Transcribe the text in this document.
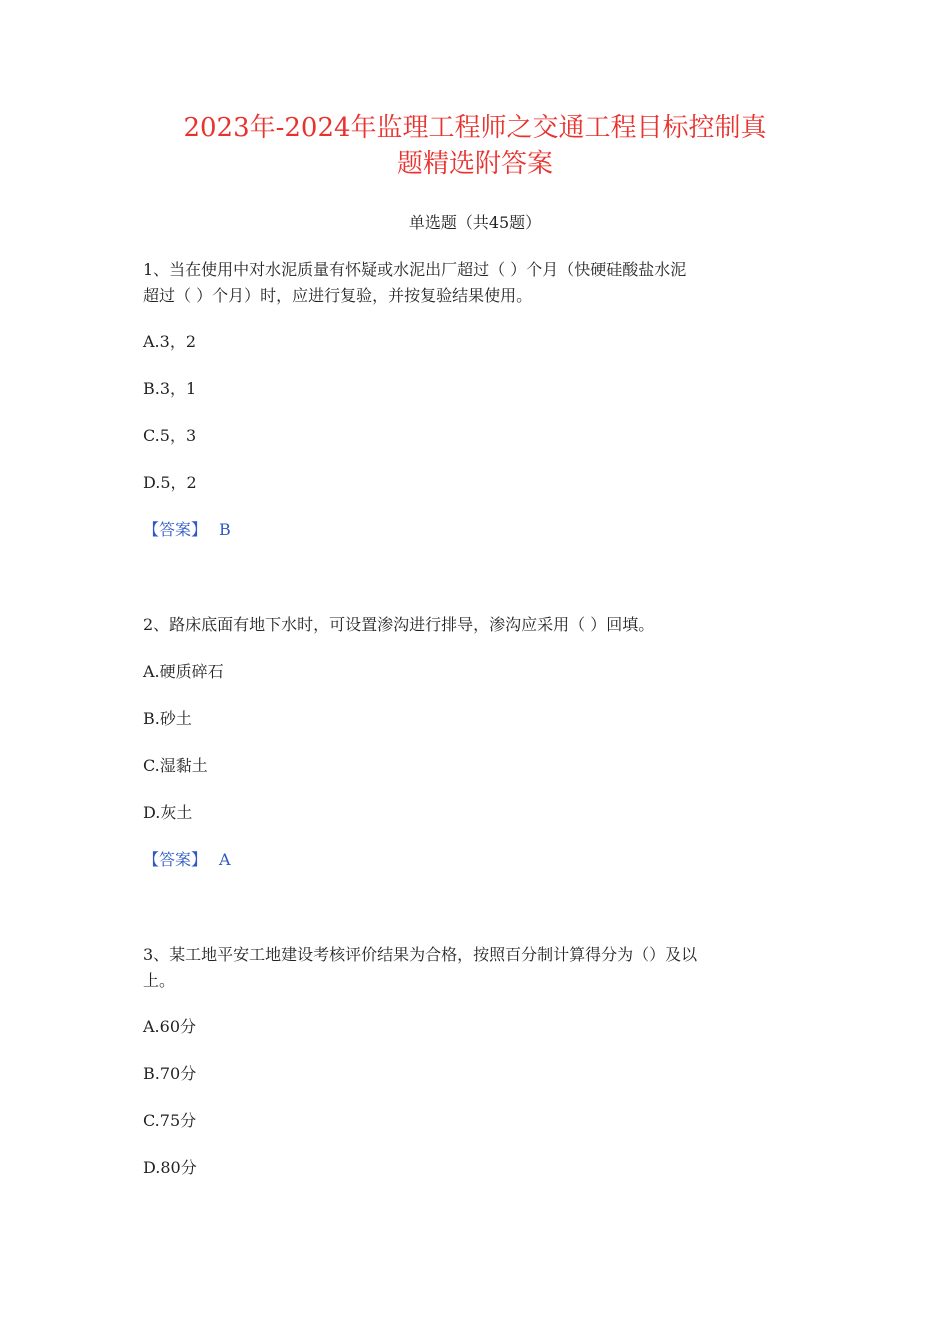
2023年-2024年监理工程师之交通工程目标控制真
题精选附答案
单选题（共45题）

1、当在使用中对水泥质量有怀疑或水泥出厂超过（ ）个月（快硬硅酸盐水泥
超过（ ）个月）时，应进行复验，并按复验结果使用。

A.3，2
B.3，1
C.5，3
D.5，2
【答案】 B

2、路床底面有地下水时，可设置渗沟进行排导，渗沟应采用（ ）回填。

A.硬质碎石
B.砂土
C.湿黏土
D.灰土
【答案】 A

3、某工地平安工地建设考核评价结果为合格，按照百分制计算得分为（）及以
上。

A.60分
B.70分
C.75分
D.80分
